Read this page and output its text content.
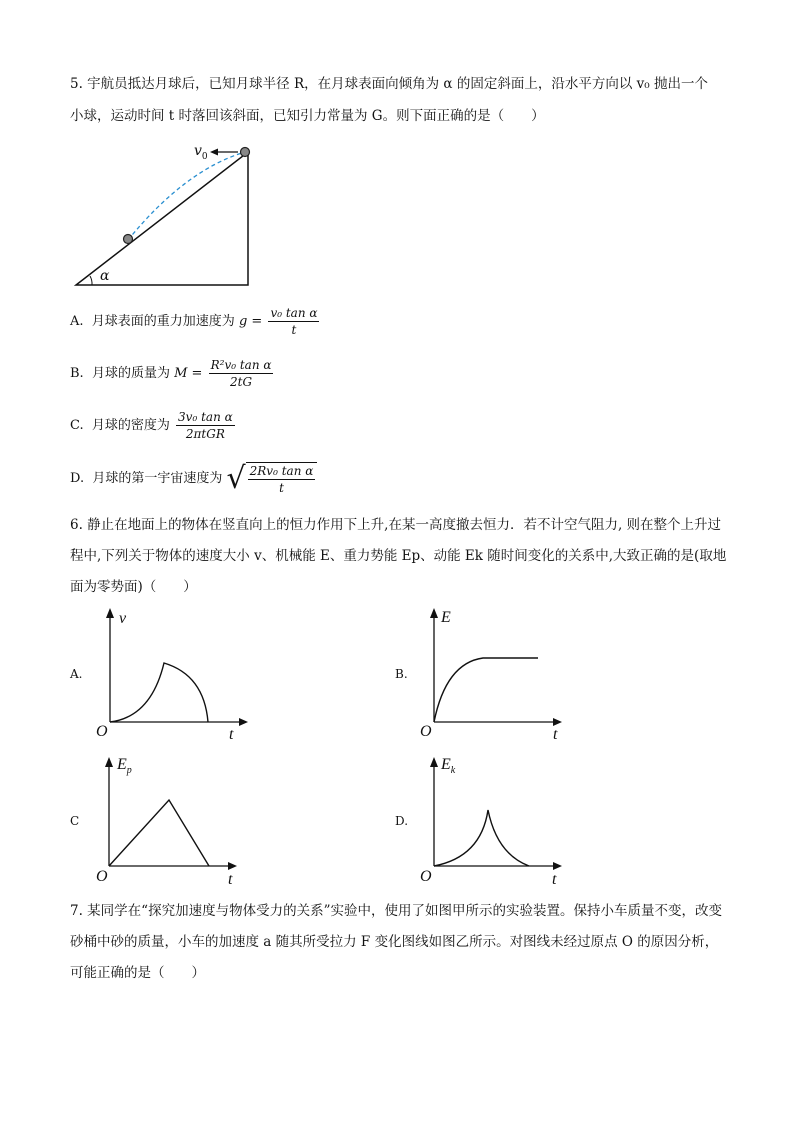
5. 宇航员抵达月球后，已知月球半径 R，在月球表面向倾角为 α 的固定斜面上，沿水平方向以 v₀ 抛出一个
小球，运动时间 t 时落回该斜面，已知引力常量为 G。则下面正确的是（　　）
$v_0$
α
A. 月球表面的重力加速度为 $g = \frac{\text{v₀ tan α}}{t}$
B. 月球的质量为 $M = \frac{\text{R²v₀ tan α}}{2tG}$
C. 月球的密度为 $\frac{\text{3v₀ tan α}}{\text{2πtGR}}$
D. 月球的第一宇宙速度为 √ $\frac{\text{2Rv₀ tan α}}{t}$
6. 静止在地面上的物体在竖直向上的恒力作用下上升,在某一高度撤去恒力．若不计空气阻力, 则在整个上升过程中,下列关于物体的速度大小 v、机械能 E、重力势能 Ep、动能 Ek 随时间变化的关系中,大致正确的是(取地面为零势面)（　　）
A.
v
O	t
B.
E
O	t
C
$E_p$
O	t
D.
$E_k$
O	t
7. 某同学在“探究加速度与物体受力的关系”实验中，使用了如图甲所示的实验装置。保持小车质量不变，改变砂桶中砂的质量，小车的加速度 a 随其所受拉力 F 变化图线如图乙所示。对图线未经过原点 O 的原因分析，可能正确的是（　　）
